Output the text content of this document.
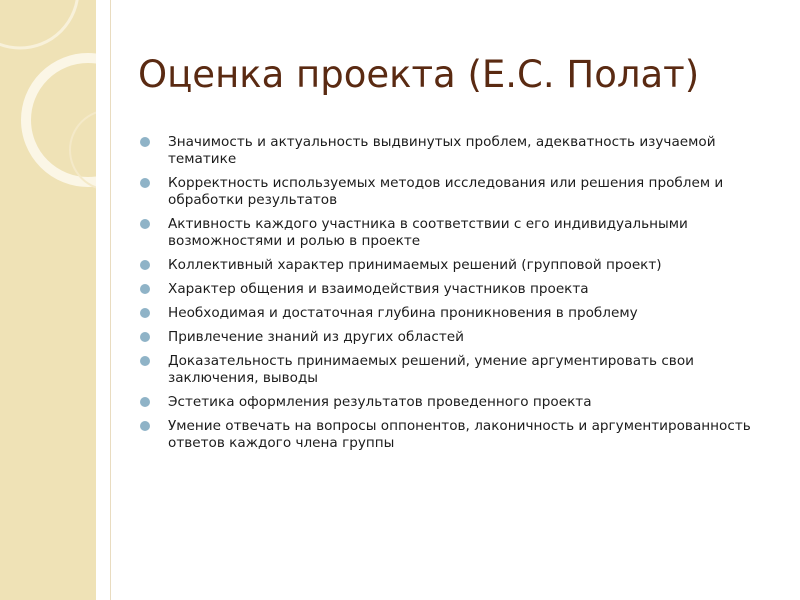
Оценка проекта (Е.С. Полат)
Значимость и актуальность выдвинутых проблем, адекватность изучаемой тематике
Корректность используемых методов исследования или решения проблем и обработки результатов
Активность каждого участника в соответствии с его индивидуальными возможностями и ролью в проекте
Коллективный характер принимаемых решений (групповой проект)
Характер общения и взаимодействия участников проекта
Необходимая и достаточная глубина проникновения в проблему
Привлечение знаний из других областей
Доказательность принимаемых решений, умение аргументировать свои заключения, выводы
Эстетика оформления результатов проведенного проекта
Умение отвечать на вопросы оппонентов, лаконичность и аргументированность ответов каждого члена группы
